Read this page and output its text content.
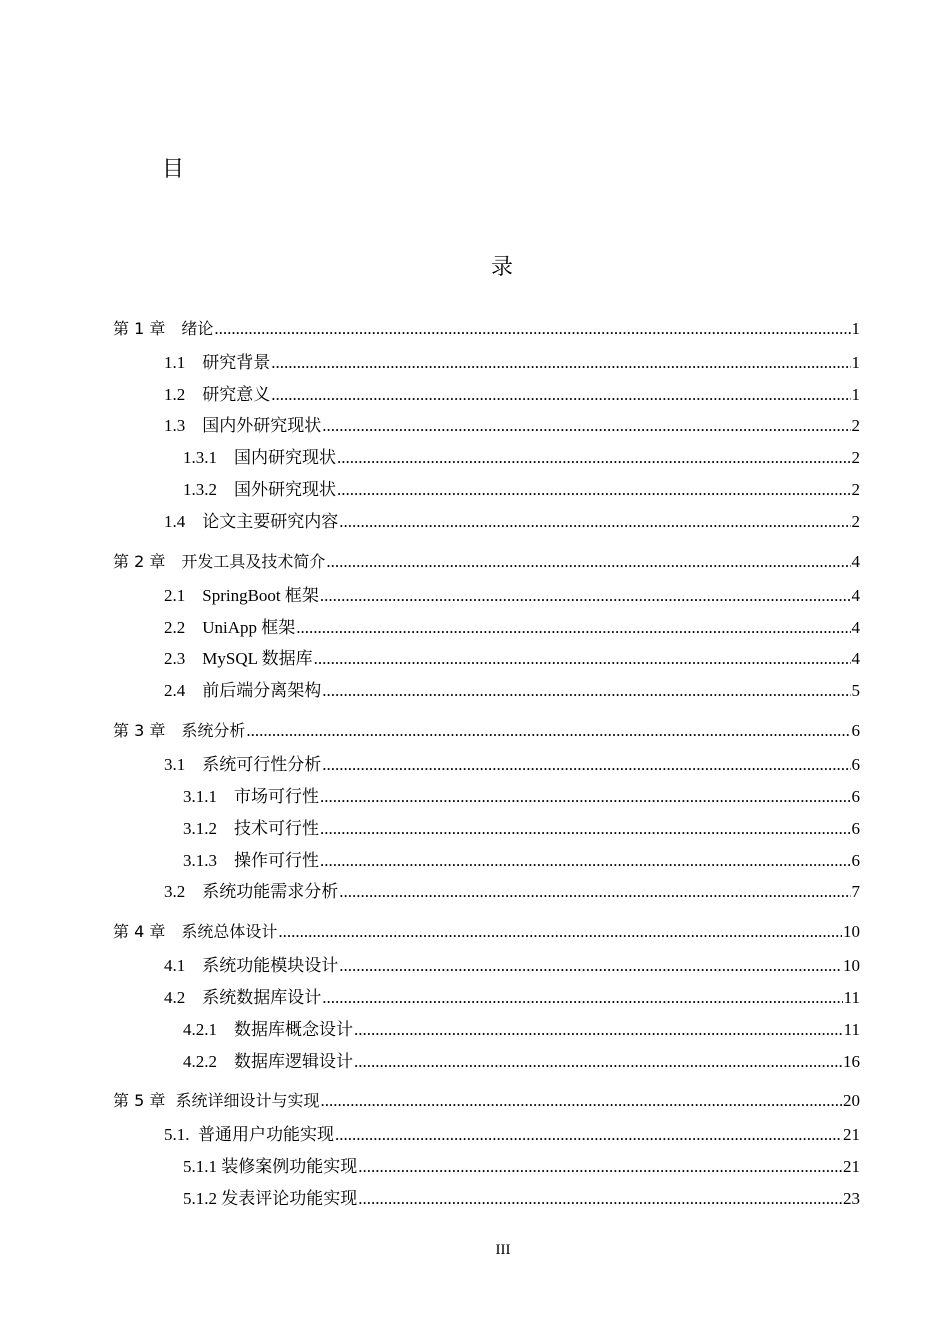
目
录
第 1 章　绪论 .....	1
1.1　研究背景 .....	1
1.2　研究意义 .....	1
1.3　国内外研究现状 .....	2
1.3.1　国内研究现状 .....	2
1.3.2　国外研究现状 .....	2
1.4　论文主要研究内容 .....	2
第 2 章　开发工具及技术简介 .....	4
2.1　SpringBoot 框架 .....	4
2.2　UniApp 框架 .....	4
2.3　MySQL 数据库 .....	4
2.4　前后端分离架构 .....	5
第 3 章　系统分析 .....	6
3.1　系统可行性分析 .....	6
3.1.1　市场可行性 .....	6
3.1.2　技术可行性 .....	6
3.1.3　操作可行性 .....	6
3.2　系统功能需求分析 .....	7
第 4 章　系统总体设计 .....	10
4.1　系统功能模块设计 .....	10
4.2　系统数据库设计 .....	11
4.2.1　数据库概念设计 .....	11
4.2.2　数据库逻辑设计 .....	16
第 5 章  系统详细设计与实现 .....	20
5.1.  普通用户功能实现 .....	21
5.1.1 装修案例功能实现 .....	21
5.1.2 发表评论功能实现 .....	23
III
